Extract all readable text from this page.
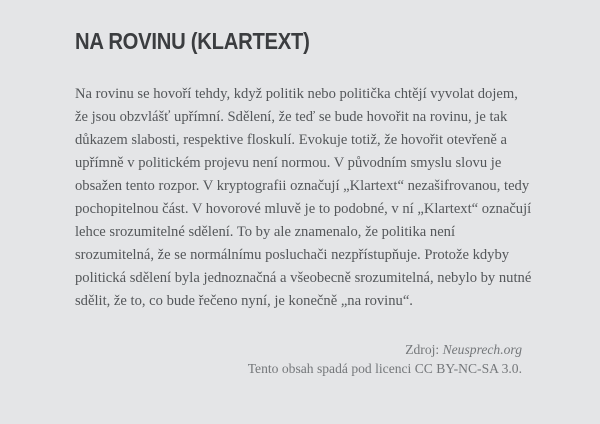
NA ROVINU (KLARTEXT)

Na rovinu se hovoří tehdy, když politik nebo politička chtějí vyvolat dojem, že jsou obzvlášť upřímní. Sdělení, že teď se bude hovořit na rovinu, je tak důkazem slabosti, respektive floskulí. Evokuje totiž, že hovořit otevřeně a upřímně v politickém projevu není normou. V původním smyslu slovu je obsažen tento rozpor. V kryptografii označují „Klartext“ nezašifrovanou, tedy pochopitelnou část. V hovorové mluvě je to podobné, v ní „Klartext“ označují lehce srozumitelné sdělení. To by ale znamenalo, že politika není srozumitelná, že se normálnímu posluchači nezpřístupňuje. Protože kdyby politická sdělení byla jednoznačná a všeobecně srozumitelná, nebylo by nutné sdělit, že to, co bude řečeno nyní, je konečně „na rovinu“.

Zdroj: Neusprech.org
Tento obsah spadá pod licenci CC BY-NC-SA 3.0.
